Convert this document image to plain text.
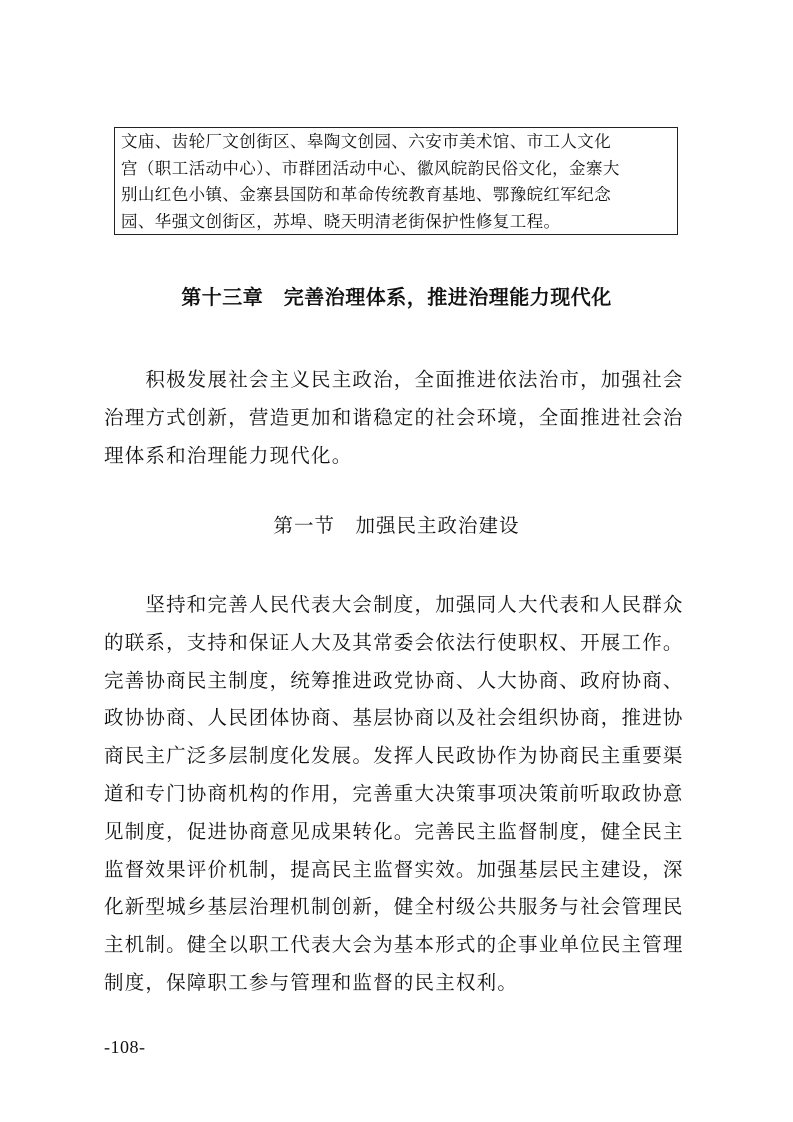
文庙、齿轮厂文创街区、皋陶文创园、六安市美术馆、市工人文化
宫（职工活动中心）、市群团活动中心、徽风皖韵民俗文化，金寨大
别山红色小镇、金寨县国防和革命传统教育基地、鄂豫皖红军纪念
园、华强文创街区，苏埠、晓天明清老街保护性修复工程。
第十三章　完善治理体系，推进治理能力现代化
　　积极发展社会主义民主政治，全面推进依法治市，加强社会
治理方式创新，营造更加和谐稳定的社会环境，全面推进社会治
理体系和治理能力现代化。
第一节　加强民主政治建设
　　坚持和完善人民代表大会制度，加强同人大代表和人民群众
的联系，支持和保证人大及其常委会依法行使职权、开展工作。
完善协商民主制度，统筹推进政党协商、人大协商、政府协商、
政协协商、人民团体协商、基层协商以及社会组织协商，推进协
商民主广泛多层制度化发展。发挥人民政协作为协商民主重要渠
道和专门协商机构的作用，完善重大决策事项决策前听取政协意
见制度，促进协商意见成果转化。完善民主监督制度，健全民主
监督效果评价机制，提高民主监督实效。加强基层民主建设，深
化新型城乡基层治理机制创新，健全村级公共服务与社会管理民
主机制。健全以职工代表大会为基本形式的企事业单位民主管理
制度，保障职工参与管理和监督的民主权利。
-108-
